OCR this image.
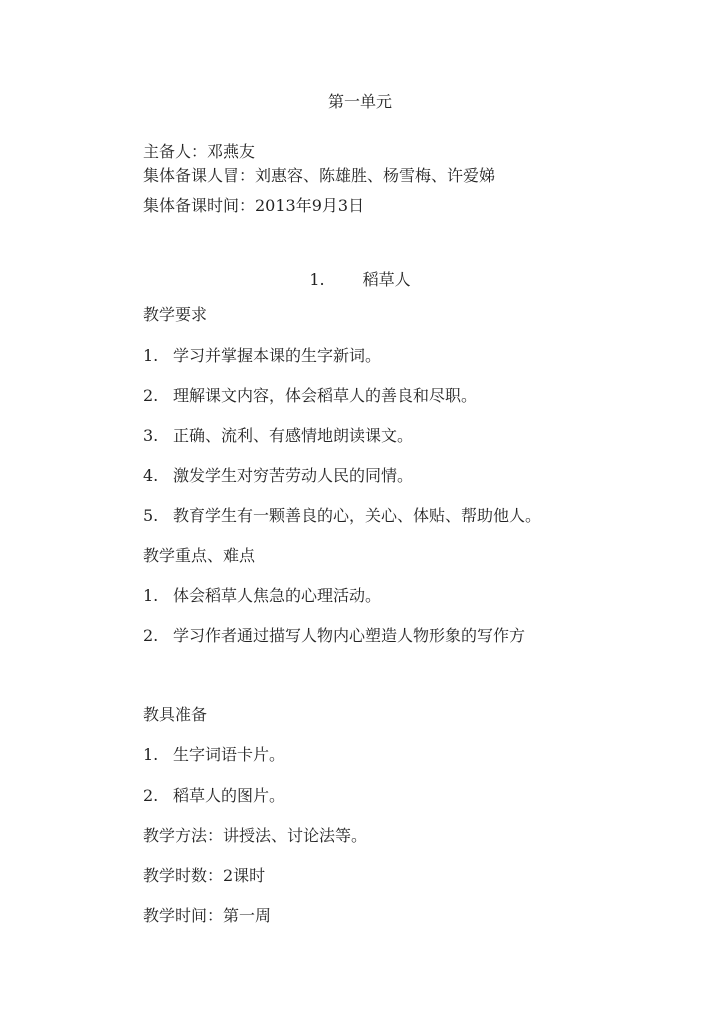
第一单元
主备人：邓燕友
集体备课人冒：刘惠容、陈雄胜、杨雪梅、许爱娣
集体备课时间：2013年9月3日
1. 稻草人
教学要求
1. 学习并掌握本课的生字新词。
2. 理解课文内容，体会稻草人的善良和尽职。
3. 正确、流利、有感情地朗读课文。
4. 激发学生对穷苦劳动人民的同情。
5. 教育学生有一颗善良的心，关心、体贴、帮助他人。
教学重点、难点
1. 体会稻草人焦急的心理活动。
2. 学习作者通过描写人物内心塑造人物形象的写作方
教具准备
1. 生字词语卡片。
2. 稻草人的图片。
教学方法：讲授法、讨论法等。
教学时数：2课时
教学时间：第一周
